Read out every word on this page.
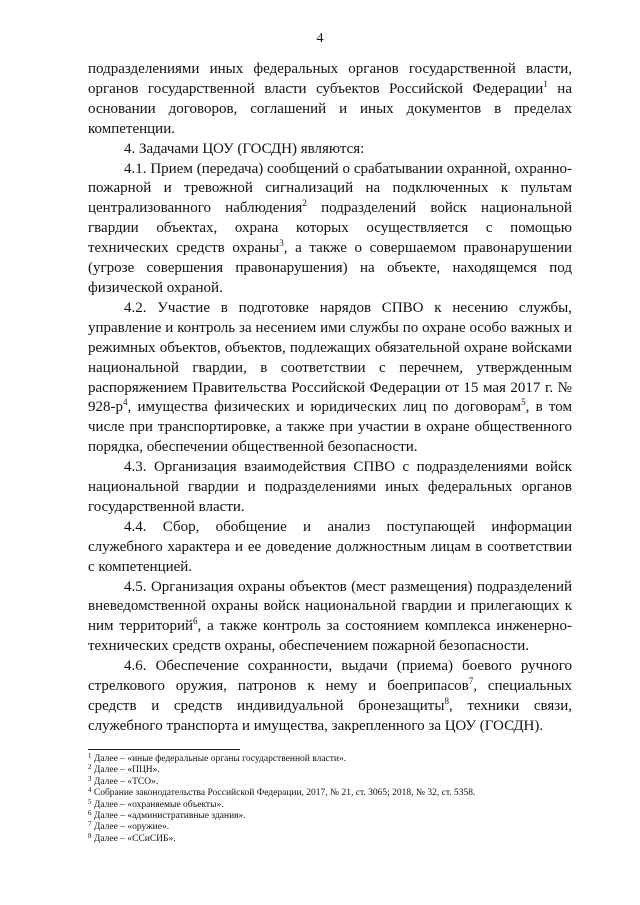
4

подразделениями иных федеральных органов государственной власти, органов государственной власти субъектов Российской Федерации$^1$ на основании договоров, соглашений и иных документов в пределах компетенции.

4. Задачами ЦОУ (ГОСДН) являются:

4.1. Прием (передача) сообщений о срабатывании охранной, охранно-пожарной и тревожной сигнализаций на подключенных к пультам централизованного наблюдения$^2$ подразделений войск национальной гвардии объектах, охрана которых осуществляется с помощью технических средств охраны$^3$, а также о совершаемом правонарушении (угрозе совершения правонарушения) на объекте, находящемся под физической охраной.

4.2. Участие в подготовке нарядов СПВО к несению службы, управление и контроль за несением ими службы по охране особо важных и режимных объектов, объектов, подлежащих обязательной охране войсками национальной гвардии, в соответствии с перечнем, утвержденным распоряжением Правительства Российской Федерации от 15 мая 2017 г. № $928-р^4$, имущества физических и юридических лиц по договорам$^5$, в том числе при транспортировке, а также при участии в охране общественного порядка, обеспечении общественной безопасности.

4.3. Организация взаимодействия СПВО с подразделениями войск национальной гвардии и подразделениями иных федеральных органов государственной власти.

4.4. Сбор, обобщение и анализ поступающей информации служебного характера и ее доведение должностным лицам в соответствии с компетенцией.

4.5. Организация охраны объектов (мест размещения) подразделений вневедомственной охраны войск национальной гвардии и прилегающих к ним территорий$^6$, а также контроль за состоянием комплекса инженерно-технических средств охраны, обеспечением пожарной безопасности.

4.6. Обеспечение сохранности, выдачи (приема) боевого ручного стрелкового оружия, патронов к нему и боеприпасов$^7$, специальных средств и средств индивидуальной бронезащиты$^8$, техники связи, служебного транспорта и имущества, закрепленного за ЦОУ (ГОСДН).

$^1$ Далее – «иные федеральные органы государственной власти».
$^2$ Далее – «ПЦН».
$^3$ Далее – «ТСО».
$^4$ Собрание законодательства Российской Федерации, 2017, № 21, ст. 3065; 2018, № 32, ст. 5358.
$^5$ Далее – «охраняемые объекты».
$^6$ Далее – «административные здания».
$^7$ Далее – «оружие».
$^8$ Далее – «ССиСИБ».
